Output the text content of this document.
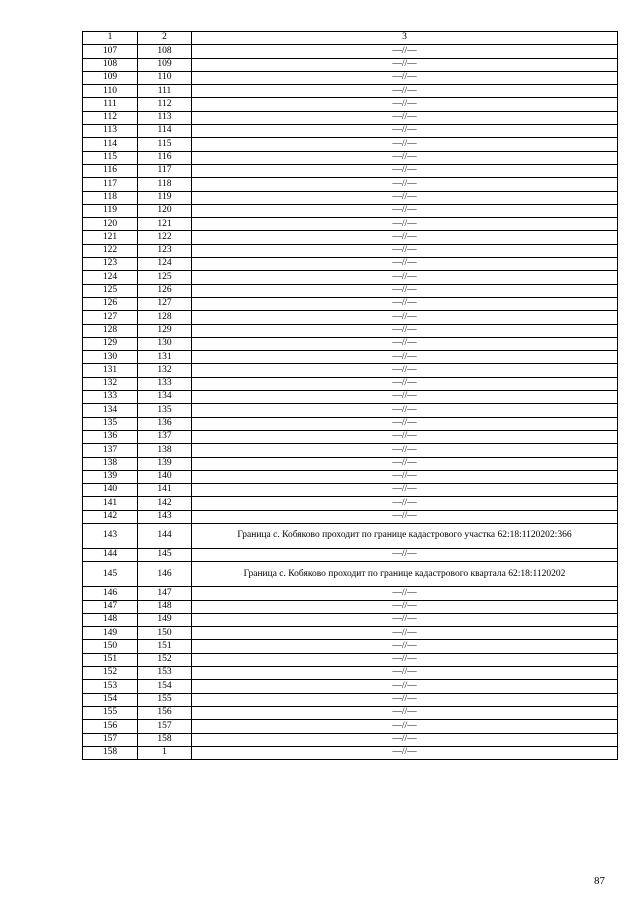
1	2	3
107	108	—//—
108	109	—//—
109	110	—//—
110	111	—//—
111	112	—//—
112	113	—//—
113	114	—//—
114	115	—//—
115	116	—//—
116	117	—//—
117	118	—//—
118	119	—//—
119	120	—//—
120	121	—//—
121	122	—//—
122	123	—//—
123	124	—//—
124	125	—//—
125	126	—//—
126	127	—//—
127	128	—//—
128	129	—//—
129	130	—//—
130	131	—//—
131	132	—//—
132	133	—//—
133	134	—//—
134	135	—//—
135	136	—//—
136	137	—//—
137	138	—//—
138	139	—//—
139	140	—//—
140	141	—//—
141	142	—//—
142	143	—//—
143	144	Граница с. Кобяково проходит по границе кадастрового участка 62:18:1120202:366
144	145	—//—
145	146	Граница с. Кобяково проходит по границе кадастрового квартала 62:18:1120202
146	147	—//—
147	148	—//—
148	149	—//—
149	150	—//—
150	151	—//—
151	152	—//—
152	153	—//—
153	154	—//—
154	155	—//—
155	156	—//—
156	157	—//—
157	158	—//—
158	1	—//—
87
